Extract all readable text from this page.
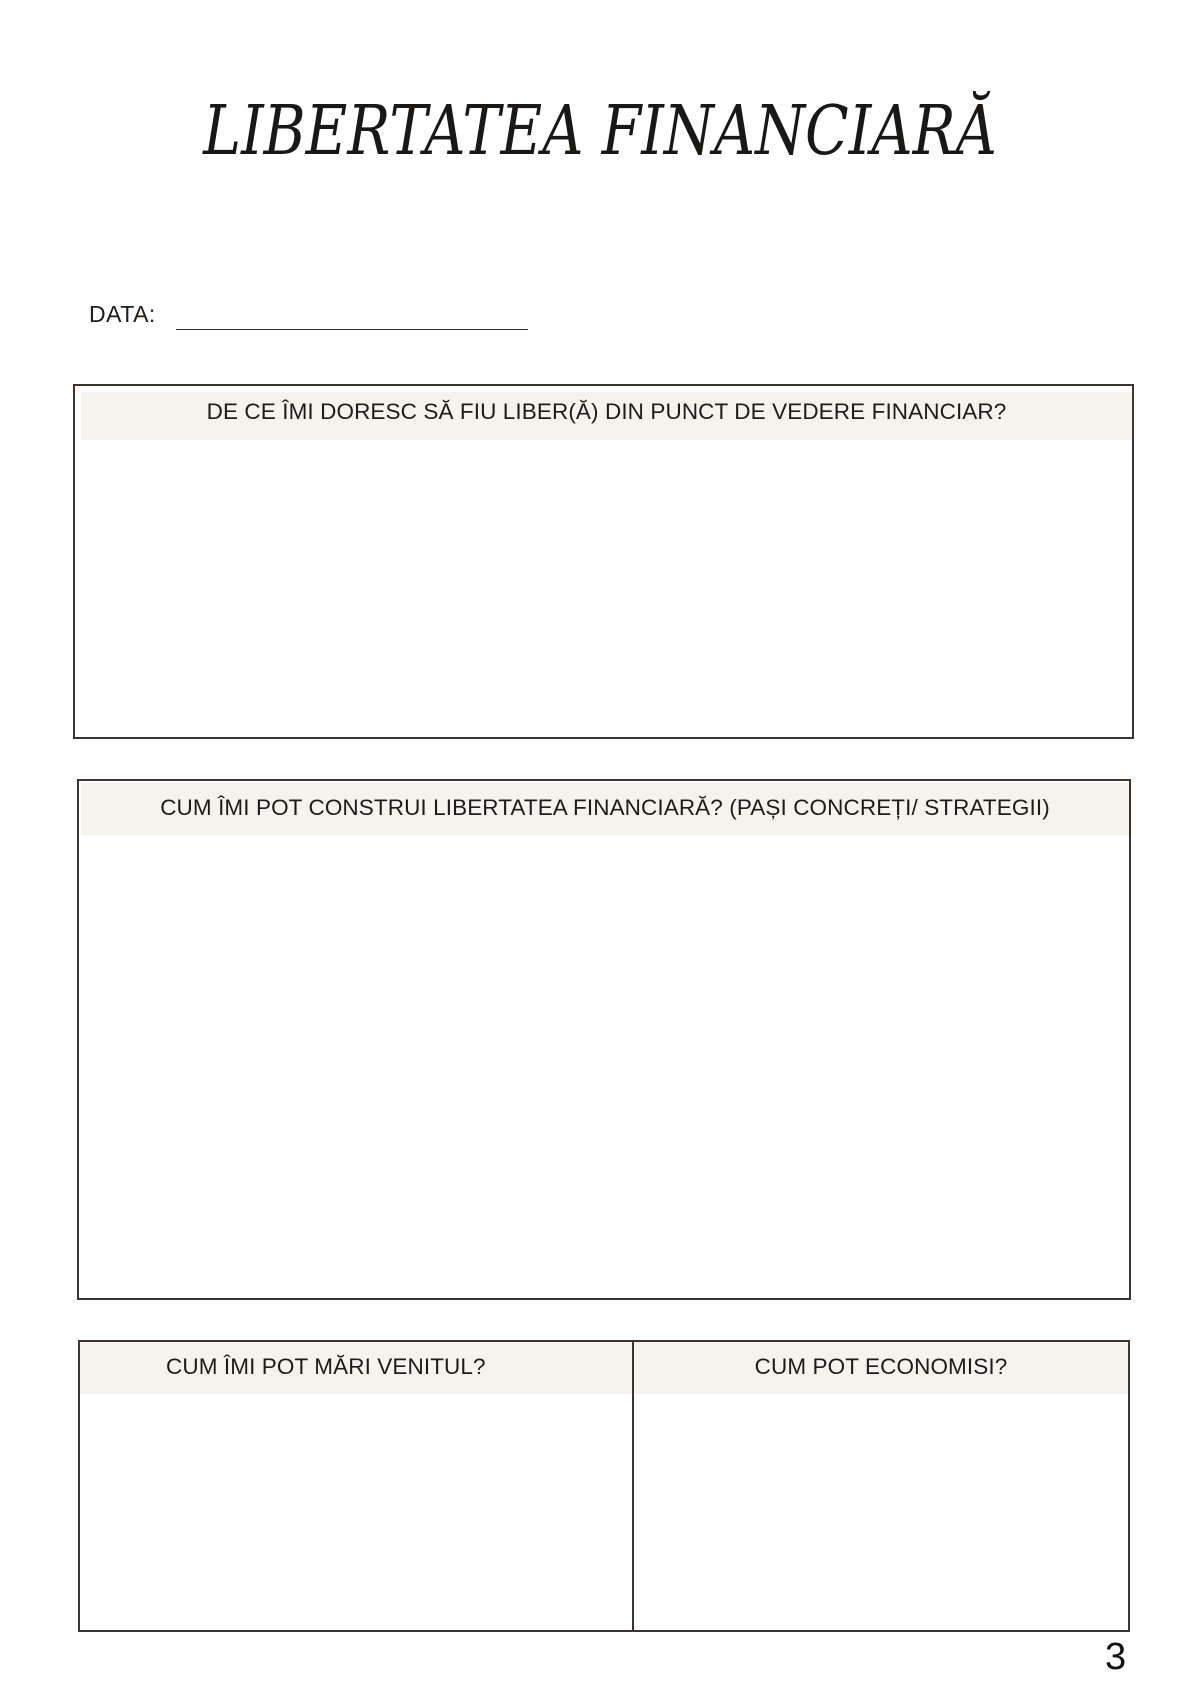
LIBERTATEA FINANCIARĂ
DATA:
DE CE ÎMI DORESC SĂ FIU LIBER(Ă) DIN PUNCT DE VEDERE FINANCIAR?
CUM ÎMI POT CONSTRUI LIBERTATEA FINANCIARĂ? (PAȘI CONCREȚI/ STRATEGII)
CUM ÎMI POT MĂRI VENITUL?	CUM POT ECONOMISI?
3
